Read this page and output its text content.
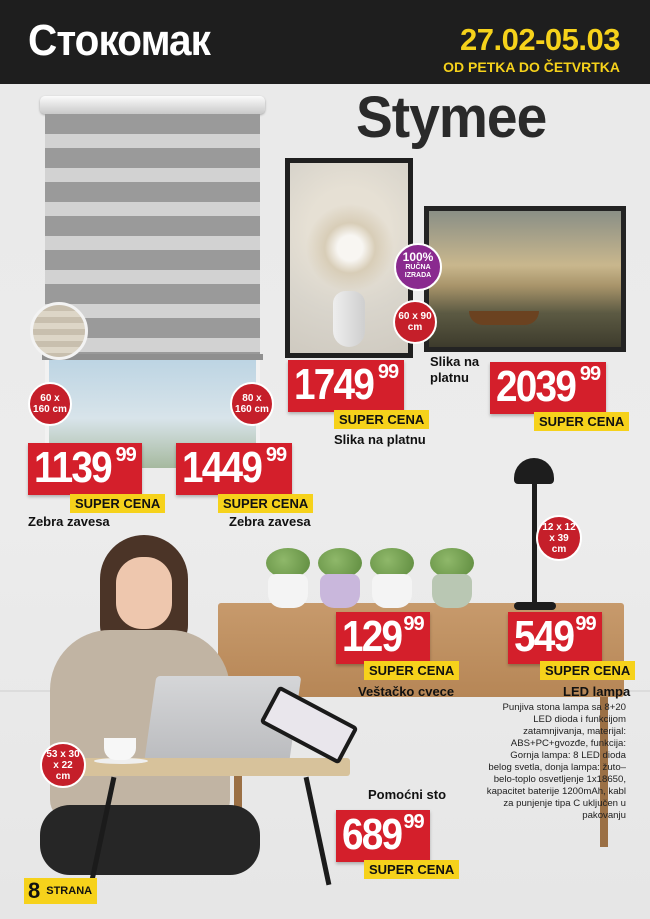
Стокомак	27.02-05.03
OD PETKA DO ČETVRTKA
Stymee
100%
RUČNA IZRADA
60 x 90 cm
60 x 160 cm
80 x 160 cm
12 x 12 x 39 cm
53 x 30 x 22 cm
1139 99
SUPER CENA
Zebra zavesa
1449 99
SUPER CENA
Zebra zavesa
1749 99
SUPER CENA
Slika na platnu
Slika na platnu 2039 99
SUPER CENA
129 99
SUPER CENA
Veštačko cvece
549 99
SUPER CENA
LED lampa
Punjiva stona lampa sa 8+20 LED dioda i funkcijom zatamnjivanja, materijal: ABS+PC+gvozđe, funkcija: Gornja lampa: 8 LED dioda belog svetla, donja lampa: žuto–belo-toplo osvetljenje 1x18650, kapacitet baterije 1200mAh, kabl za punjenje tipa C uključen u pakovanju
Pomoćni sto
689 99
SUPER CENA
8 STRANA
